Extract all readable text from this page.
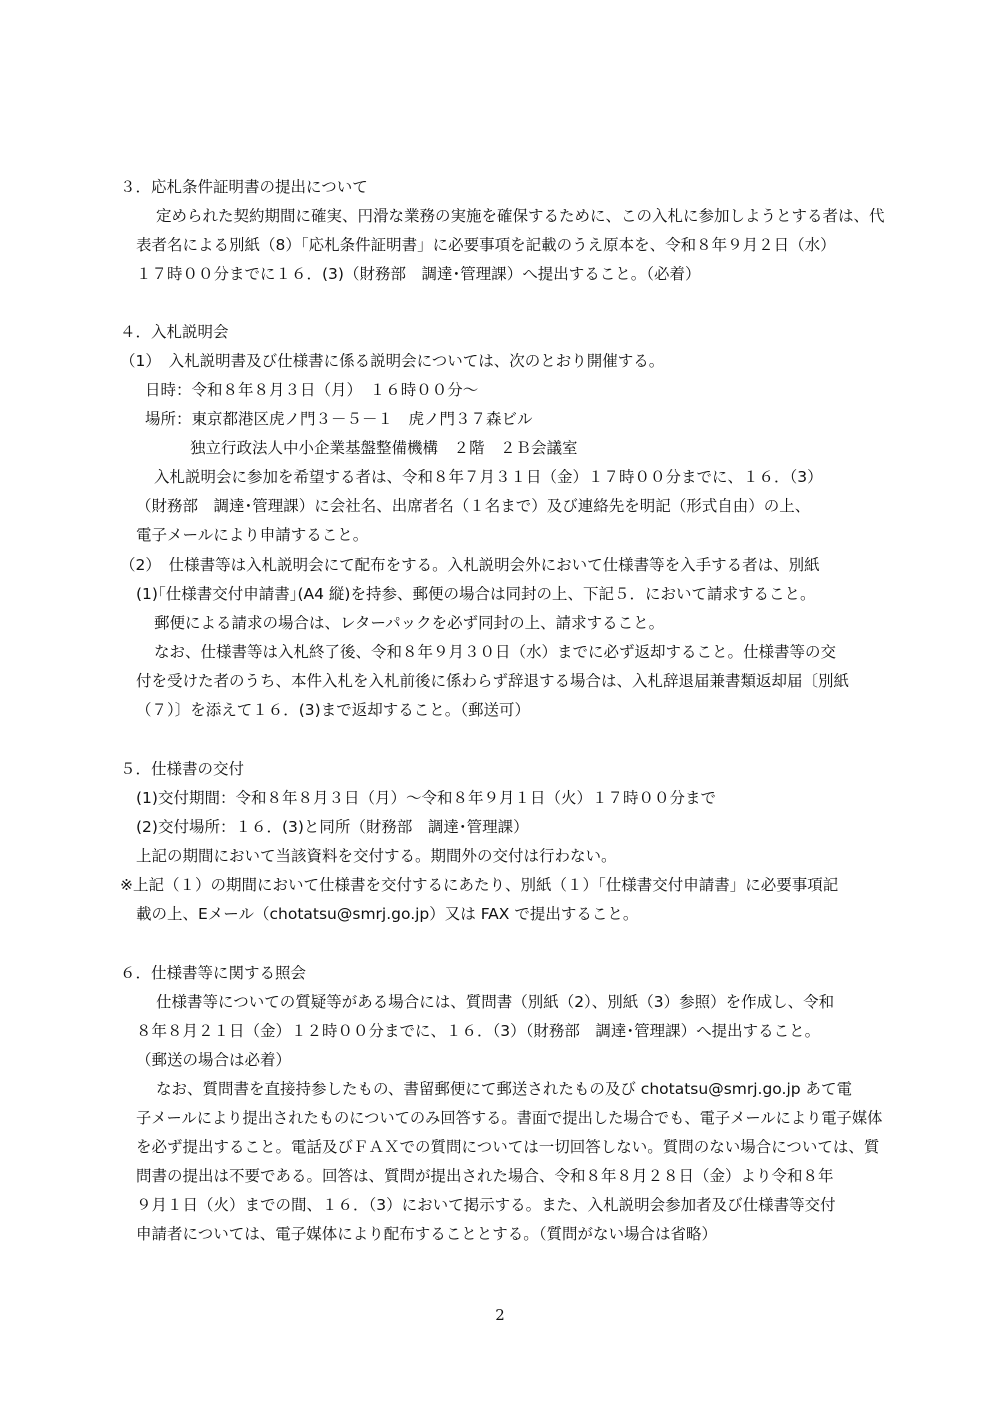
３．応札条件証明書の提出について
定められた契約期間に確実、円滑な業務の実施を確保するために、この入札に参加しようとする者は、代
表者名による別紙（8）「応札条件証明書」に必要事項を記載のうえ原本を、令和８年９月２日（水）
１７時００分までに１６．(3)（財務部　調達･管理課）へ提出すること。（必着）
４．入札説明会
（1）　入札説明書及び仕様書に係る説明会については、次のとおり開催する。
日時：令和８年８月３日（月）　１６時００分～
場所：東京都港区虎ノ門３－５－１　虎ノ門３７森ビル
独立行政法人中小企業基盤整備機構　２階　２Ｂ会議室
入札説明会に参加を希望する者は、令和８年７月３１日（金）１７時００分までに、１６．（3）
（財務部　調達･管理課）に会社名、出席者名（１名まで）及び連絡先を明記（形式自由）の上、
電子メールにより申請すること。
（2）　仕様書等は入札説明会にて配布をする。入札説明会外において仕様書等を入手する者は、別紙
(1)｢仕様書交付申請書｣(A4 縦)を持参、郵便の場合は同封の上、下記５．において請求すること。
郵便による請求の場合は、レターパックを必ず同封の上、請求すること。
なお、仕様書等は入札終了後、令和８年９月３０日（水）までに必ず返却すること。仕様書等の交
付を受けた者のうち、本件入札を入札前後に係わらず辞退する場合は、入札辞退届兼書類返却届〔別紙
（７）〕を添えて１６．(3)まで返却すること。（郵送可）
５．仕様書の交付
(1)交付期間：令和８年８月３日（月）～令和８年９月１日（火）１７時００分まで
(2)交付場所：１６．(3)と同所（財務部　調達･管理課）
上記の期間において当該資料を交付する。期間外の交付は行わない。
※上記（１）の期間において仕様書を交付するにあたり、別紙（１）「仕様書交付申請書」に必要事項記
載の上、Eメール（chotatsu@smrj.go.jp）又は FAX で提出すること。
６．仕様書等に関する照会
仕様書等についての質疑等がある場合には、質問書（別紙（2）、別紙（3）参照）を作成し、令和
８年８月２１日（金）１２時００分までに、１６．（3）（財務部　調達･管理課）へ提出すること。
（郵送の場合は必着）
なお、質問書を直接持参したもの、書留郵便にて郵送されたもの及び chotatsu@smrj.go.jp あて電
子メールにより提出されたものについてのみ回答する。書面で提出した場合でも、電子メールにより電子媒体
を必ず提出すること。電話及びＦＡＸでの質問については一切回答しない。質問のない場合については、質
問書の提出は不要である。回答は、質問が提出された場合、令和８年８月２８日（金）より令和８年
９月１日（火）までの間、１６．（3）において掲示する。また、入札説明会参加者及び仕様書等交付
申請者については、電子媒体により配布することとする。（質問がない場合は省略）
2
